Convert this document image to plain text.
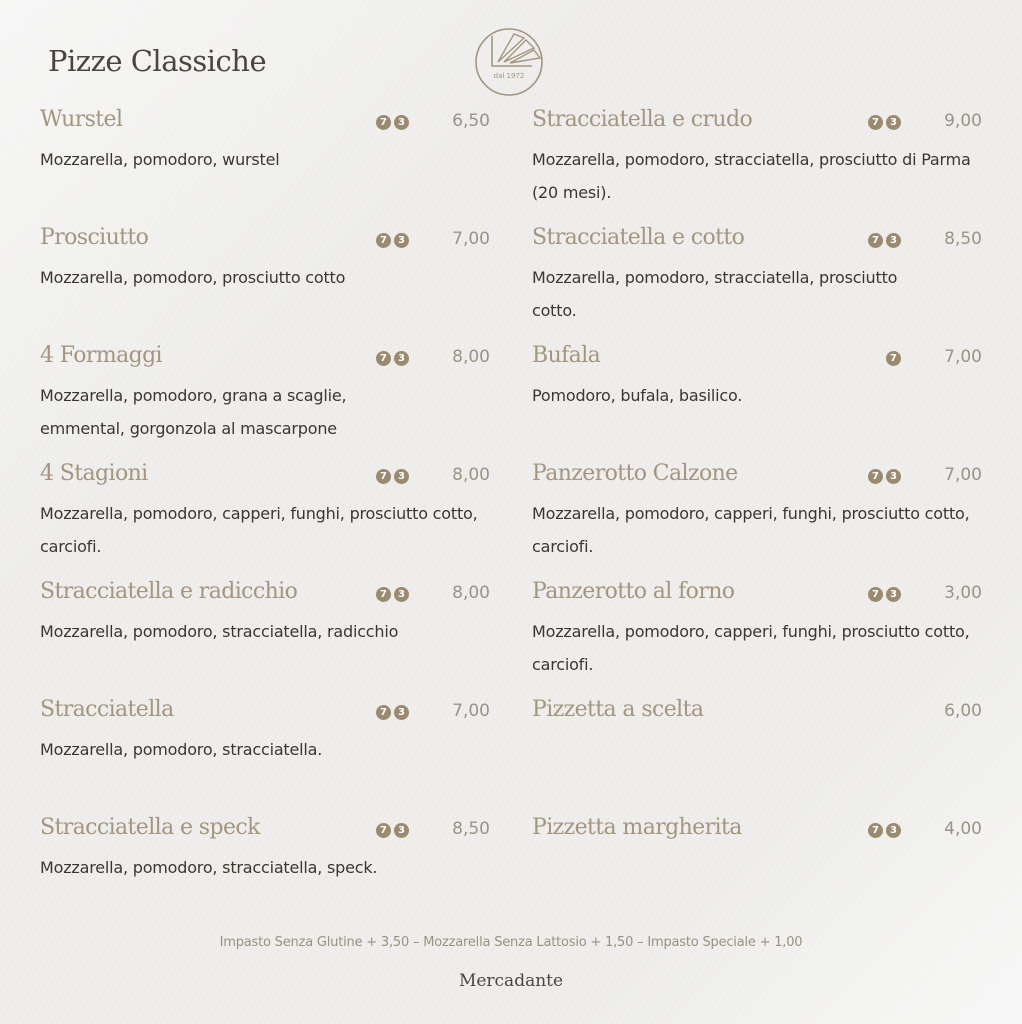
Pizze Classiche	dal 1972
Wurstel	7	3	6,50
Mozzarella, pomodoro, wurstel
Prosciutto	7	3	7,00
Mozzarella, pomodoro, prosciutto cotto
4 Formaggi	7	3	8,00
Mozzarella, pomodoro, grana a scaglie, emmental, gorgonzola al mascarpone
4 Stagioni	7	3	8,00
Mozzarella, pomodoro, capperi, funghi, prosciutto cotto, carciofi.
Stracciatella e radicchio	7	3	8,00
Mozzarella, pomodoro, stracciatella, radicchio
Stracciatella	7	3	7,00
Mozzarella, pomodoro, stracciatella.
Stracciatella e speck	7	3	8,50
Mozzarella, pomodoro, stracciatella, speck.
Stracciatella e crudo	7	3	9,00
Mozzarella, pomodoro, stracciatella, prosciutto di Parma (20 mesi).
Stracciatella e cotto	7	3	8,50
Mozzarella, pomodoro, stracciatella, prosciutto cotto.
Bufala	7	7,00
Pomodoro, bufala, basilico.
Panzerotto Calzone	7	3	7,00
Mozzarella, pomodoro, capperi, funghi, prosciutto cotto, carciofi.
Panzerotto al forno	7	3	3,00
Mozzarella, pomodoro, capperi, funghi, prosciutto cotto, carciofi.
Pizzetta a scelta	6,00
Pizzetta margherita	7	3	4,00
Impasto Senza Glutine + 3,50 – Mozzarella Senza Lattosio + 1,50 – Impasto Speciale + 1,00
Mercadante
